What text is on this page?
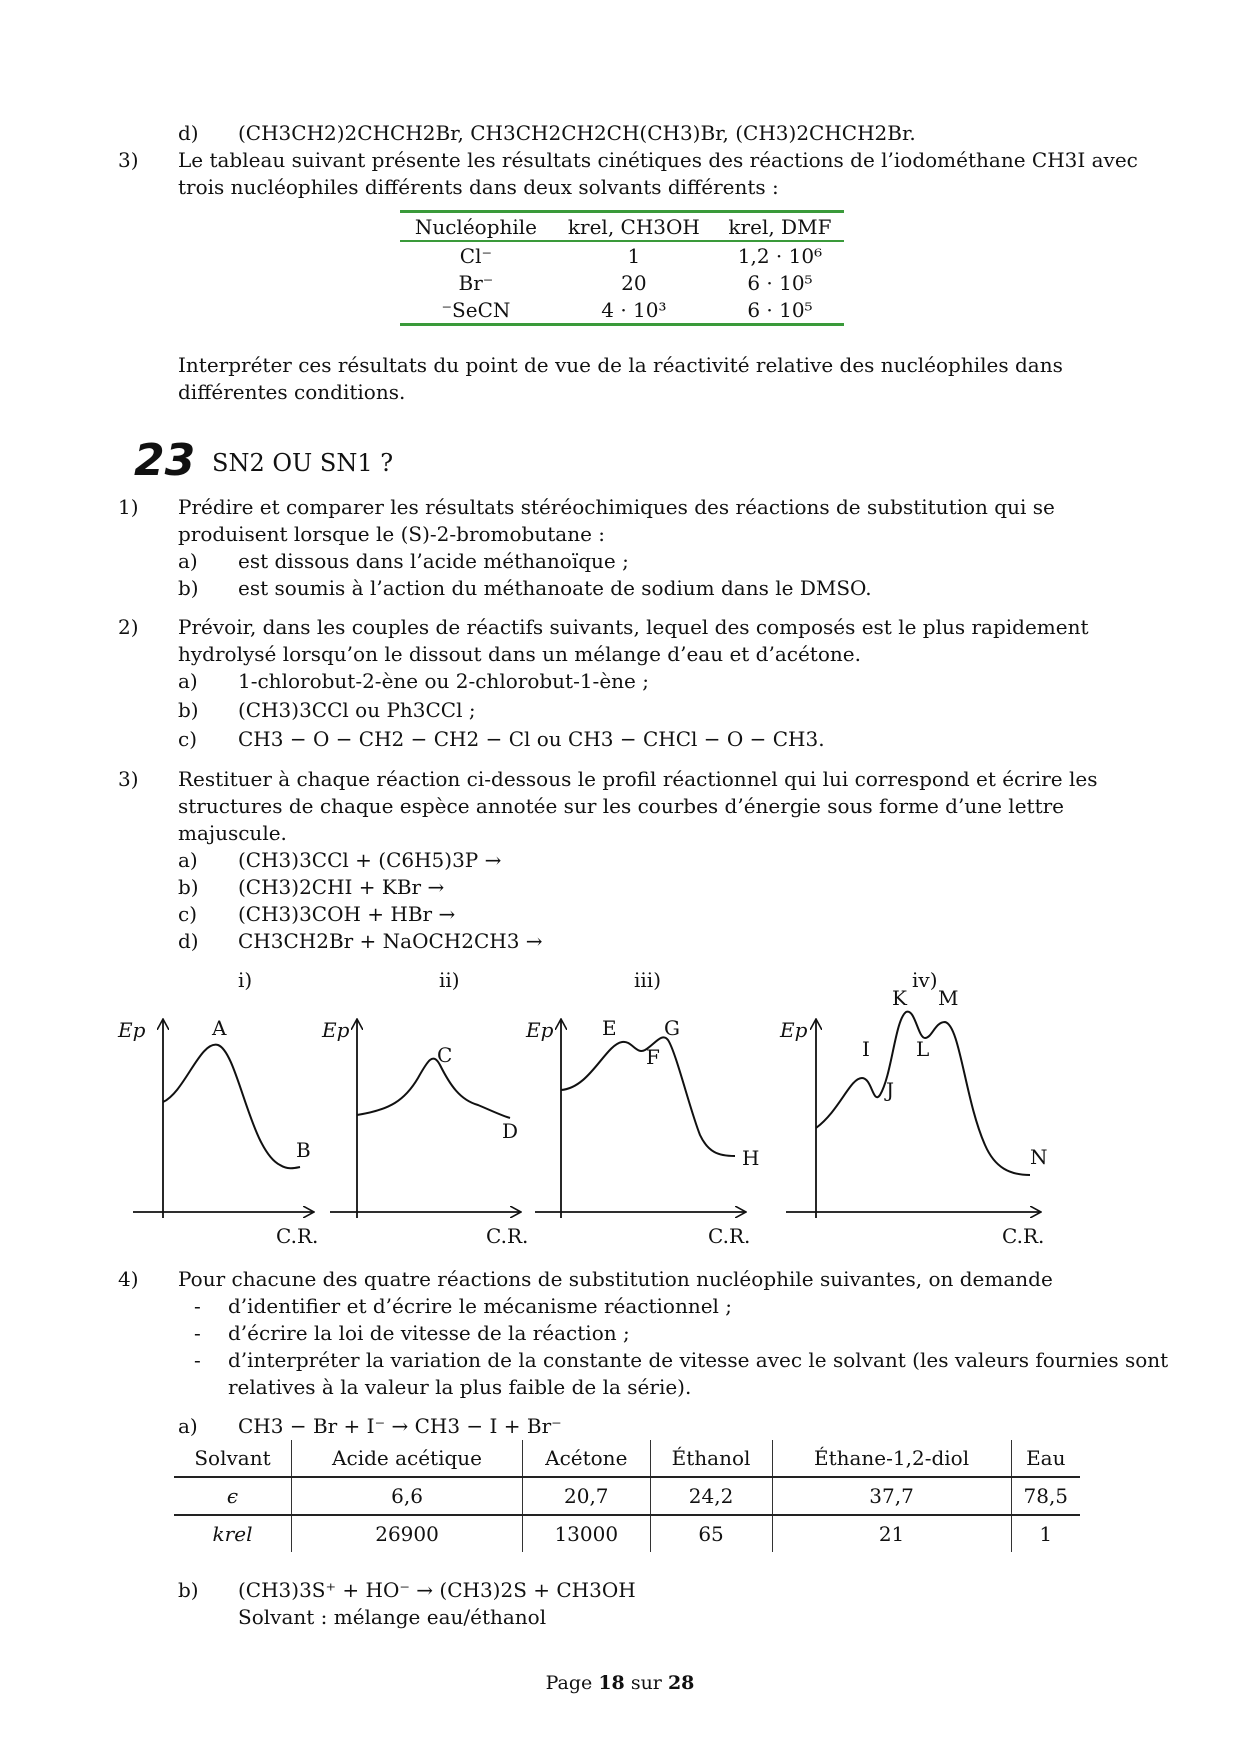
d) (CH3CH2)2CHCH2Br, CH3CH2CH2CH(CH3)Br, (CH3)2CHCH2Br.
3) Le tableau suivant présente les résultats cinétiques des réactions de l’iodométhane CH3I avec
trois nucléophiles différents dans deux solvants différents :
Nucléophile	krel, CH3OH	krel, DMF
Cl⁻	1	1,2 · 10⁶
Br⁻	20	6 · 10⁵
⁻SeCN	4 · 10³	6 · 10⁵
Interpréter ces résultats du point de vue de la réactivité relative des nucléophiles dans
différentes conditions.
23 SN2 OU SN1 ?
1) Prédire et comparer les résultats stéréochimiques des réactions de substitution qui se
produisent lorsque le (S)-2-bromobutane :
a) est dissous dans l’acide méthanoïque ;
b) est soumis à l’action du méthanoate de sodium dans le DMSO.
2) Prévoir, dans les couples de réactifs suivants, lequel des composés est le plus rapidement
hydrolysé lorsqu’on le dissout dans un mélange d’eau et d’acétone.
a) 1-chlorobut-2-ène ou 2-chlorobut-1-ène ;
b) (CH3)3CCl ou Ph3CCl ;
c) CH3 − O − CH2 − CH2 − Cl ou CH3 − CHCl − O − CH3.
3) Restituer à chaque réaction ci-dessous le profil réactionnel qui lui correspond et écrire les
structures de chaque espèce annotée sur les courbes d’énergie sous forme d’une lettre
majuscule.
a) (CH3)3CCl + (C6H5)3P →
b) (CH3)2CHI + KBr →
c) (CH3)3COH + HBr →
d) CH3CH2Br + NaOCH2CH3 →
i)	ii)	iii)	iv)
Ep
C.R.
A
B
Ep
C.R.
C
D
Ep
C.R.
E G
F
H
Ep
C.R.
K M
I L
J
N
4) Pour chacune des quatre réactions de substitution nucléophile suivantes, on demande
- d’identifier et d’écrire le mécanisme réactionnel ;
- d’écrire la loi de vitesse de la réaction ;
- d’interpréter la variation de la constante de vitesse avec le solvant (les valeurs fournies sont
relatives à la valeur la plus faible de la série).
a) CH3 − Br + I⁻ → CH3 − I + Br⁻
Solvant	Acide acétique	Acétone	Éthanol	Éthane-1,2-diol	Eau
ϵ	6,6	20,7	24,2	37,7	78,5
krel	26900	13000	65	21	1
b) (CH3)3S⁺ + HO⁻ → (CH3)2S + CH3OH
Solvant : mélange eau/éthanol
Page 18 sur 28
